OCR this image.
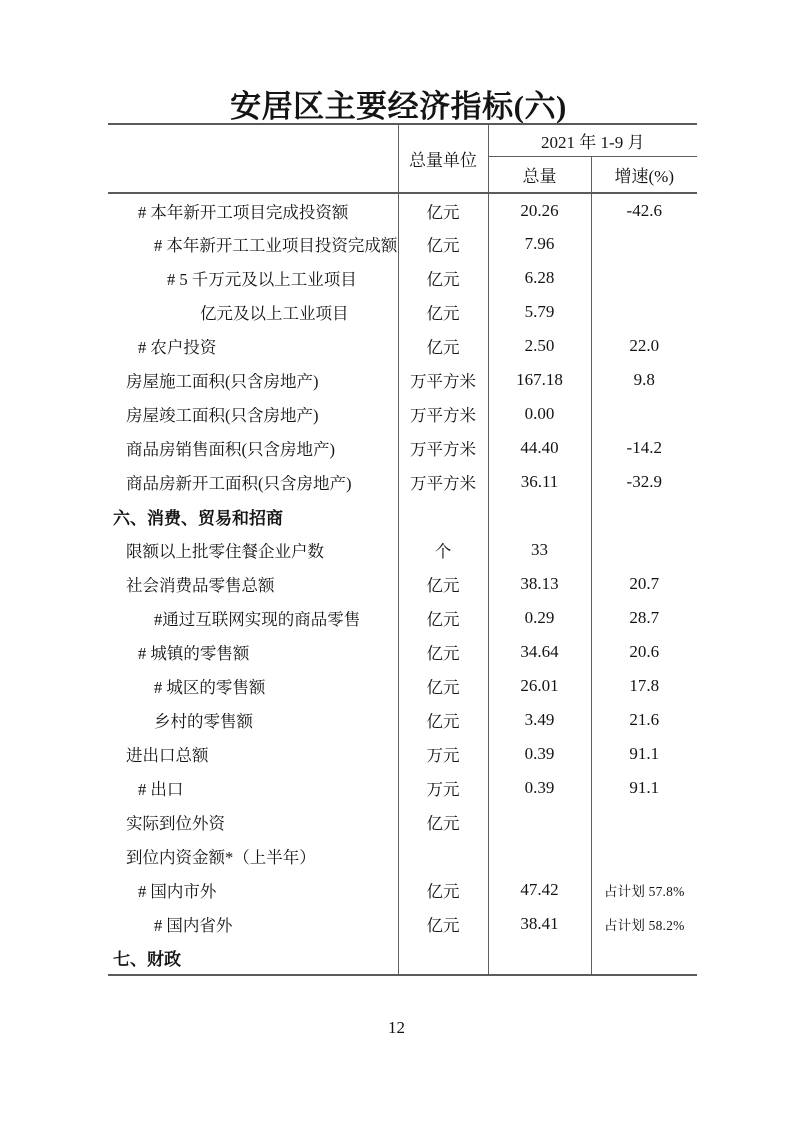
安居区主要经济指标(六)
	总量单位	2021 年 1-9 月	
		总量	增速(%)
# 本年新开工项目完成投资额	亿元	20.26	-42.6
# 本年新开工工业项目投资完成额	亿元	7.96	
# 5 千万元及以上工业项目	亿元	6.28	
亿元及以上工业项目	亿元	5.79	
# 农户投资	亿元	2.50	22.0
房屋施工面积(只含房地产)	万平方米	167.18	9.8
房屋竣工面积(只含房地产)	万平方米	0.00	
商品房销售面积(只含房地产)	万平方米	44.40	-14.2
商品房新开工面积(只含房地产)	万平方米	36.11	-32.9
六、消费、贸易和招商			
限额以上批零住餐企业户数	个	33	
社会消费品零售总额	亿元	38.13	20.7
#通过互联网实现的商品零售	亿元	0.29	28.7
# 城镇的零售额	亿元	34.64	20.6
# 城区的零售额	亿元	26.01	17.8
乡村的零售额	亿元	3.49	21.6
进出口总额	万元	0.39	91.1
# 出口	万元	0.39	91.1
实际到位外资	亿元		
到位内资金额*（上半年）			
# 国内市外	亿元	47.42	占计划 57.8%
# 国内省外	亿元	38.41	占计划 58.2%
七、财政			
12
